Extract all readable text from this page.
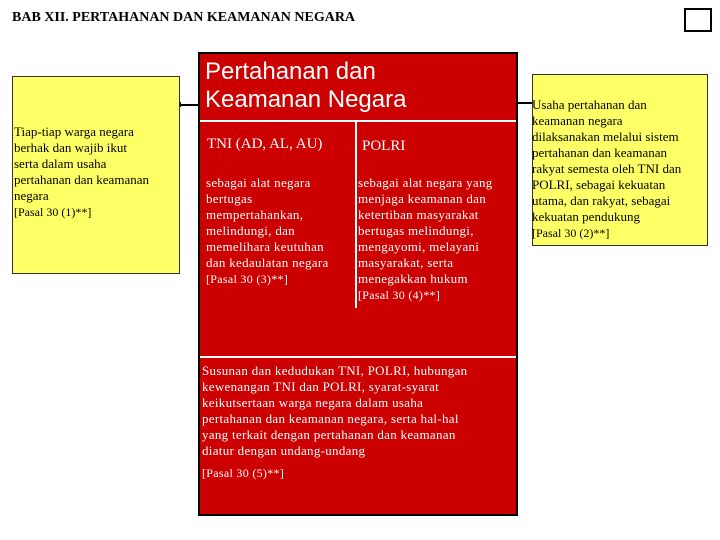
BAB XII. PERTAHANAN DAN KEAMANAN NEGARA
Tiap-tiap warga negara
berhak dan wajib ikut
serta dalam usaha
pertahanan dan keamanan
negara
[Pasal 30 (1)**]
Usaha pertahanan dan
keamanan negara
dilaksanakan melalui sistem
pertahanan dan keamanan
rakyat semesta oleh TNI dan
POLRI, sebagai kekuatan
utama, dan rakyat, sebagai
kekuatan pendukung
[Pasal 30 (2)**]
Pertahanan dan
Keamanan Negara
TNI (AD, AL, AU)	POLRI
sebagai alat negara
bertugas
mempertahankan,
melindungi, dan
memelihara keutuhan
dan kedaulatan negara
[Pasal 30 (3)**]
sebagai alat negara yang
menjaga keamanan dan
ketertiban masyarakat
bertugas melindungi,
mengayomi, melayani
masyarakat, serta
menegakkan hukum
[Pasal 30 (4)**]
Susunan dan kedudukan TNI, POLRI, hubungan
kewenangan TNI dan POLRI, syarat-syarat
keikutsertaan warga negara dalam usaha
pertahanan dan keamanan negara, serta hal-hal
yang terkait dengan pertahanan dan keamanan
diatur dengan undang-undang
[Pasal 30 (5)**]
